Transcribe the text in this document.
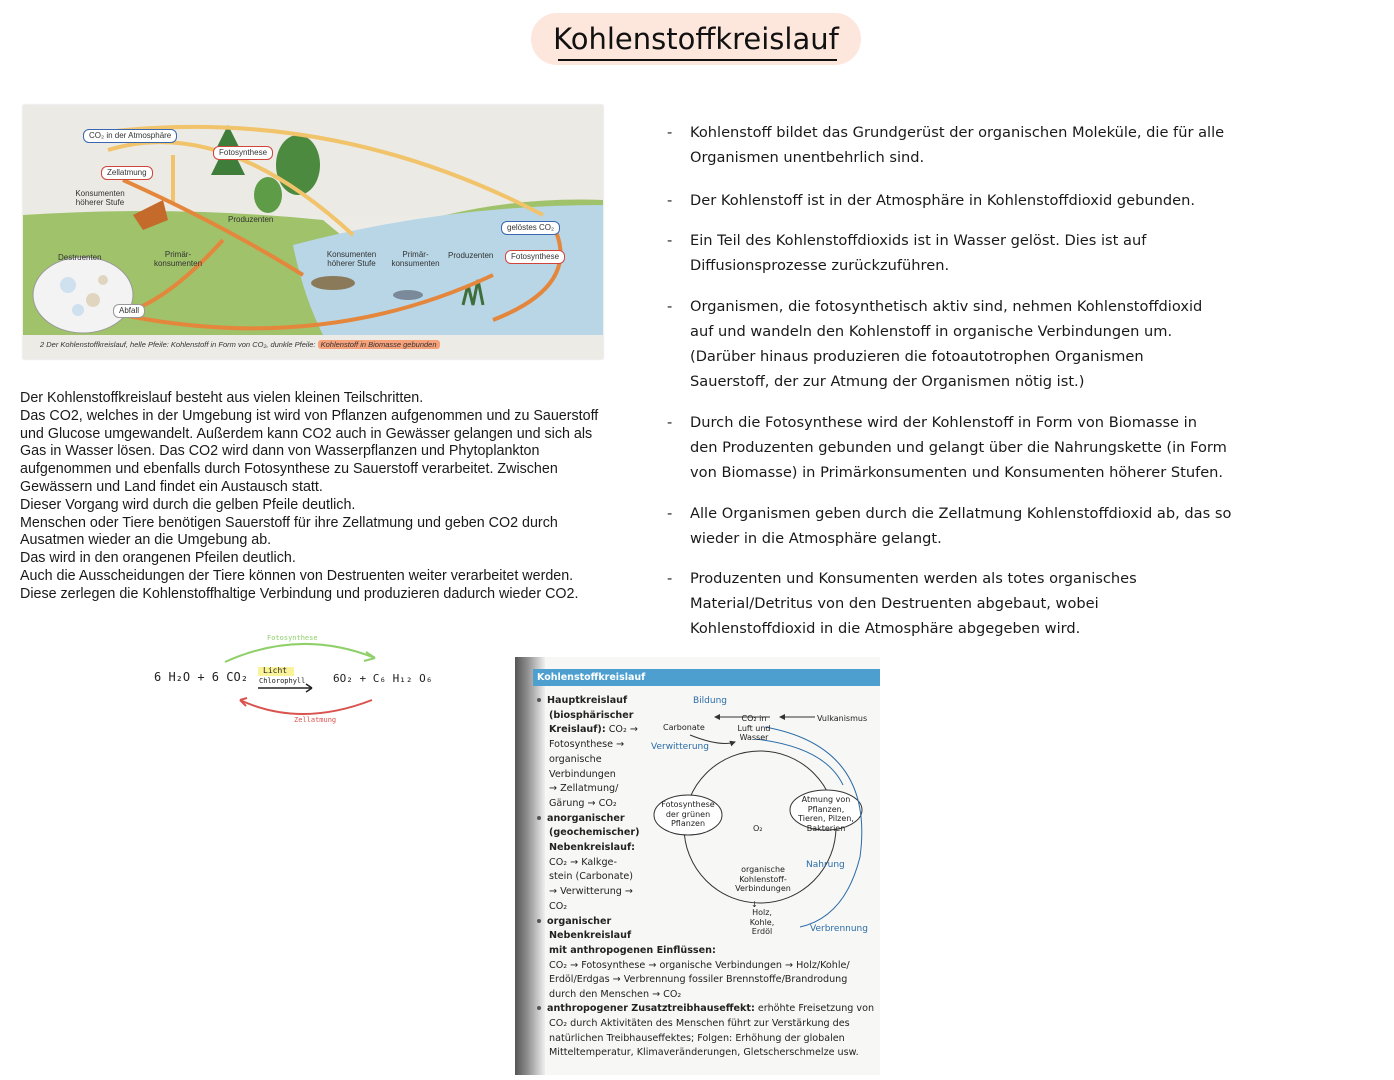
Kohlenstoffkreislauf
CO₂ in der Atmosphäre
Fotosynthese
Zellatmung
Konsumenten höherer Stufe
Produzenten
Destruenten	Primär- konsumenten
Konsumenten höherer Stufe
Primär- konsumenten
Produzenten
gelöstes CO₂
Fotosynthese
Abfall
2 Der Kohlenstoffkreislauf, helle Pfeile: Kohlenstoff in Form von CO₂, dunkle Pfeile: Kohlenstoff in Biomasse gebunden
Der Kohlenstoffkreislauf besteht aus vielen kleinen Teilschritten.
Das CO2, welches in der Umgebung ist wird von Pflanzen aufgenommen und zu Sauerstoff
und Glucose umgewandelt. Außerdem kann CO2 auch in Gewässer gelangen und sich als
Gas in Wasser lösen. Das CO2 wird dann von Wasserpflanzen und Phytoplankton
aufgenommen und ebenfalls durch Fotosynthese zu Sauerstoff verarbeitet. Zwischen
Gewässern und Land findet ein Austausch statt.
Dieser Vorgang wird durch die gelben Pfeile deutlich.
Menschen oder Tiere benötigen Sauerstoff für ihre Zellatmung und geben CO2 durch
Ausatmen wieder an die Umgebung ab.
Das wird in den orangenen Pfeilen deutlich.
Auch die Ausscheidungen der Tiere können von Destruenten weiter verarbeitet werden.
Diese zerlegen die Kohlenstoffhaltige Verbindung und produzieren dadurch wieder CO2.
- Kohlenstoff bildet das Grundgerüst der organischen Moleküle, die für alle
Organismen unentbehrlich sind.
- Der Kohlenstoff ist in der Atmosphäre in Kohlenstoffdioxid gebunden.
- Ein Teil des Kohlenstoffdioxids ist in Wasser gelöst. Dies ist auf
Diffusionsprozesse zurückzuführen.
- Organismen, die fotosynthetisch aktiv sind, nehmen Kohlenstoffdioxid
auf und wandeln den Kohlenstoff in organische Verbindungen um.
(Darüber hinaus produzieren die fotoautotrophen Organismen
Sauerstoff, der zur Atmung der Organismen nötig ist.)
- Durch die Fotosynthese wird der Kohlenstoff in Form von Biomasse in
den Produzenten gebunden und gelangt über die Nahrungskette (in Form
von Biomasse) in Primärkonsumenten und Konsumenten höherer Stufen.
- Alle Organismen geben durch die Zellatmung Kohlenstoffdioxid ab, das so
wieder in die Atmosphäre gelangt.
- Produzenten und Konsumenten werden als totes organisches
Material/Detritus von den Destruenten abgebaut, wobei
Kohlenstoffdioxid in die Atmosphäre abgegeben wird.
Fotosynthese
6 H₂O + 6 CO₂ Licht
Chlorophyll	6O₂ + C₆ H₁₂ O₆
Zellatmung
Kohlenstoffkreislauf
Hauptkreislauf
(biosphärischer
Kreislauf): CO₂ →
Fotosynthese →
organische
Verbindungen
→ Zellatmung/
Gärung → CO₂
anorganischer
(geochemischer)
Nebenkreislauf:
CO₂ → Kalkge-
stein (Carbonate)
→ Verwitterung →
CO₂
organischer
Nebenkreislauf
mit anthropogenen Einflüssen:
CO₂ → Fotosynthese → organische Verbindungen → Holz/Kohle/
Erdöl/Erdgas → Verbrennung fossiler Brennstoffe/Brandrodung
durch den Menschen → CO₂
anthropogener Zusatztreibhauseffekt: erhöhte Freisetzung von
CO₂ durch Aktivitäten des Menschen führt zur Verstärkung des
natürlichen Treibhauseffektes; Folgen: Erhöhung der globalen
Mitteltemperatur, Klimaveränderungen, Gletscherschmelze usw.
Bildung
Carbonate
CO₂ in Luft und Wasser
Vulkanismus
Verwitterung
Fotosynthese der grünen Pflanzen
O₂
Atmung von Pflanzen, Tieren, Pilzen, Bakterien
Nahrung
organische Kohlenstoff- Verbindungen
↓
Holz, Kohle, Erdöl	Verbrennung
